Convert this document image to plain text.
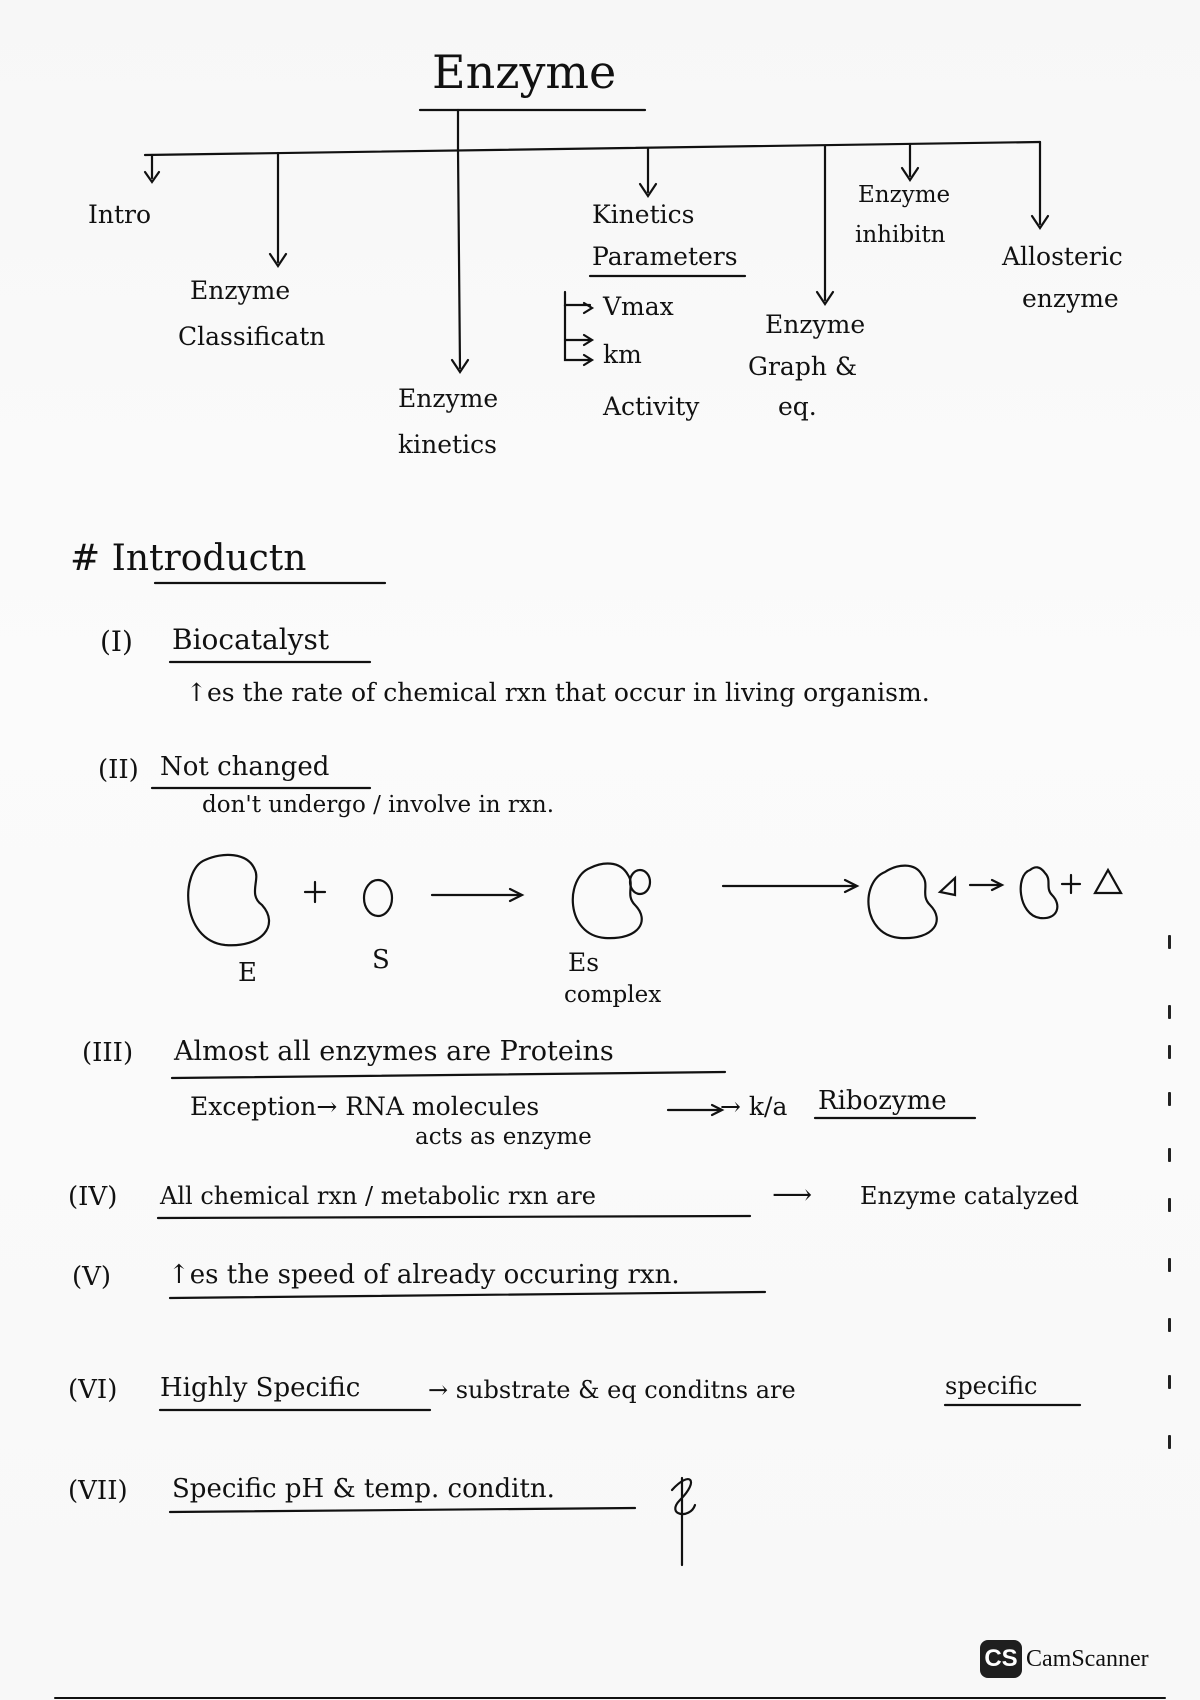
Enzyme
Intro
Enzyme
Classificatn
Enzyme
kinetics
Kinetics
Parameters
Vmax
km
Activity
Enzyme
Graph &
eq.
Enzyme
inhibitn
Allosteric
enzyme
# Introductn
(I) Biocatalyst
↑es the rate of chemical rxn that occur in living organism.
(II) Not changed
don't undergo / involve in rxn.
E	S	Es
complex
(III) Almost all enzymes are Proteins
Exception→ RNA molecules
acts as enzyme
→ k/a Ribozyme
(IV) All chemical rxn / metabolic rxn are	⟶ Enzyme catalyzed
(V) ↑es the speed of already occuring rxn.
(VI) Highly Specific	→ substrate & eq conditns are	specific
(VII) Specific pH & temp. conditn.
CS CamScanner
